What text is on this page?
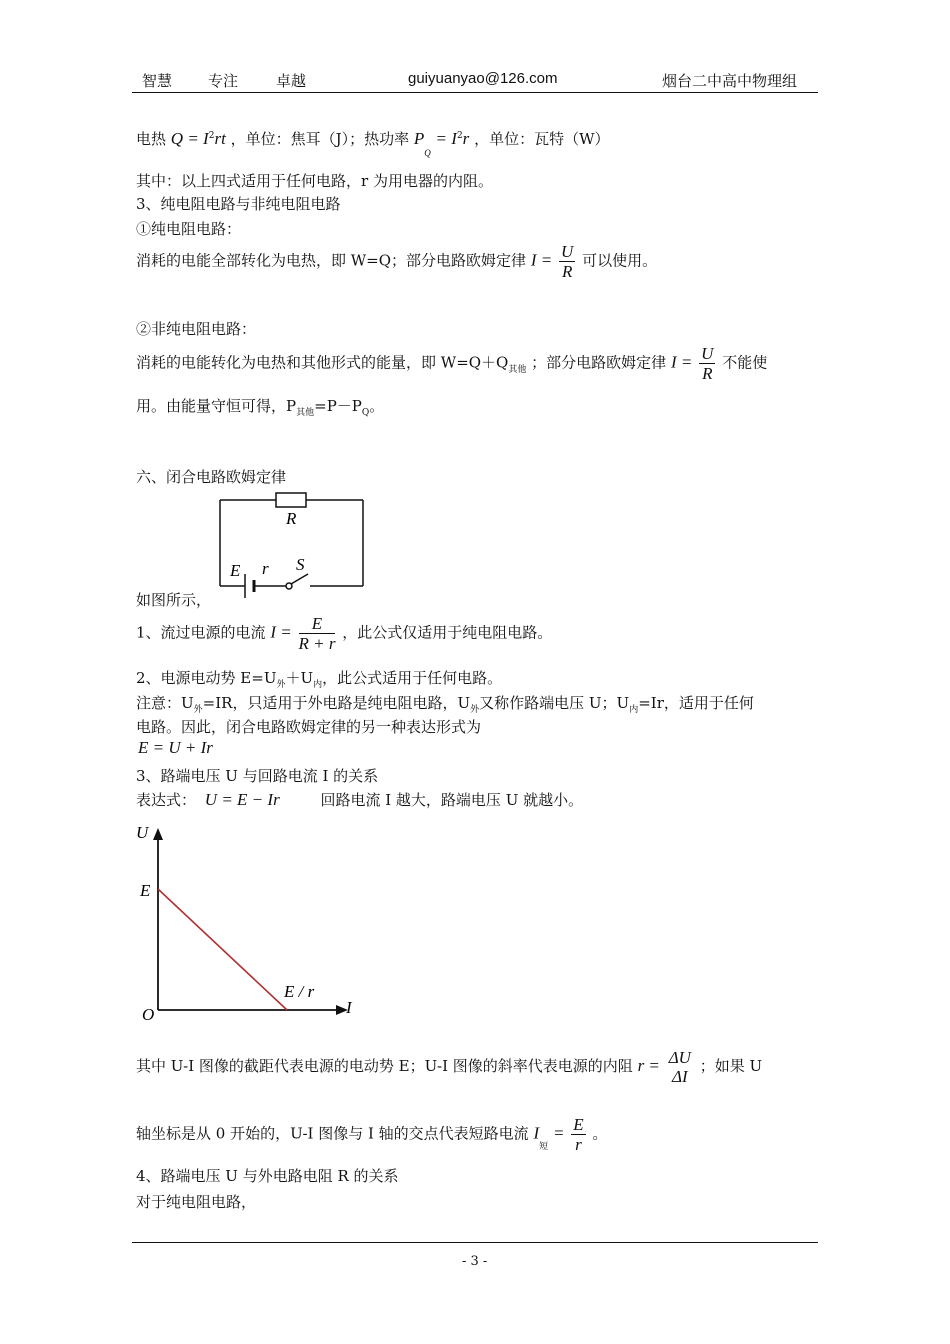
智慧 专注	卓越	guiyuanyao@126.com	烟台二中高中物理组
电热 $Q = I^2rt$ ，单位：焦耳（J）；热功率 $P_Q = I^2r$ ，单位：瓦特（W）
其中：以上四式适用于任何电路，r 为用电器的内阻。
3、纯电阻电路与非纯电阻电路
①纯电阻电路：
消耗的电能全部转化为电热，即 W=Q；部分电路欧姆定律 $I = \frac{U}{R}$ 可以使用。
②非纯电阻电路：
消耗的电能转化为电热和其他形式的能量，即 $W=Q+Q_{其他}$ ；部分电路欧姆定律 $I = \frac{U}{R}$ 不能使
用。由能量守恒可得，$P_{其他}=P-P_Q$。
六、闭合电路欧姆定律
R
E r S
如图所示，
1、流过电源的电流 $I = \frac{E}{R + r}$ ，此公式仅适用于纯电阻电路。
2、电源电动势 $E=U_外+U_内$，此公式适用于任何电路。
注意：$U_外=IR$，只适用于外电路是纯电阻电路，$U_外$又称作路端电压 U；$U_内=Ir$，适用于任何
电路。因此，闭合电路欧姆定律的另一种表达形式为
E = U + Ir
3、路端电压 U 与回路电流 I 的关系
表达式： U = E − Ir	回路电流 I 越大，路端电压 U 就越小。
U
I
O
E
E / r
其中 U-I 图像的截距代表电源的电动势 E；U-I 图像的斜率代表电源的内阻 r = ΔU
ΔI
；如果 U
轴坐标是从 0 开始的，U-I 图像与 I 轴的交点代表短路电流 $I_短 = \frac{E}{r}$ 。
4、路端电压 U 与外电路电阻 R 的关系
对于纯电阻电路，
- 3 -
